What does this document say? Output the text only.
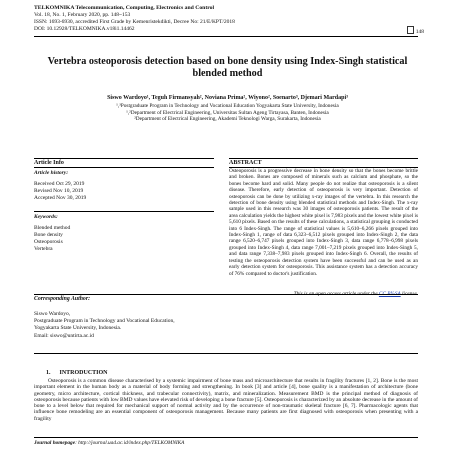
TELKOMNIKA Telecommunication, Computing, Electronics and Control
Vol. 18, No. 1, February 2020, pp. 148~153
ISSN: 1693-6930, accredited First Grade by Kemenristekdikti, Decree No: 21/E/KPT/2018
DOI: 10.12928/TELKOMNIKA.v18i1.14462	148
Vertebra osteoporosis detection based on bone density using Index-Singh statistical blended method
Siswo Wardoyo¹, Teguh Firmansyah², Noviana Prima², Wiyono², Soenarto³, Djemari Mardapi³
¹,³Postgraduate Program in Technology and Vocational Education Yogyakarta State University, Indonesia
¹,²Department of Electrical Engineering, Universitas Sultan Ageng Tirtayasa, Banten, Indonesia
²Department of Electrical Engineering, Akademi Teknologi Warga, Surakarta, Indonesia
Article Info	ABSTRACT
Article history:
Received Oct 29, 2019
Revised Nov 10, 2019
Accepted Nov 30, 2019
Keywords:
Blended method
Bone density
Osteoporosis
Vertebra
Osteoporosis is a progressive decrease in bone density so that the bones become brittle and broken. Bones are composed of minerals such as calcium and phosphate, so the bones become hard and solid. Many people do not realize that osteoporosis is a silent disease. Therefore, early detection of osteoporosis is very important. Detection of osteoporosis can be done by utilizing x-ray images of the vertebra. In this research the detection of bone density using blended statistical methods and Index-Singh. The x-ray sample used in this research was 30 images of osteoporosis patients. The result of the area calculation yields the highest white pixel is 7,983 pixels and the lowest white pixel is 5,610 pixels. Based on the results of these calculations, a statistical grouping is conducted into 6 Index-Singh. The range of statistical values is 5,610–6,266 pixels grouped into Index-Singh 1, range of data 6,323–6,512 pixels grouped into Index-Singh 2, the data range 6,520–6,747 pixels grouped into Index-Singh 3, data range 6,778–6,998 pixels grouped into Index-Singh 4, data range 7,001–7,219 pixels grouped into Index-Singh 5, and data range 7,338–7,983 pixels grouped into Index-Singh 6. Overall, the results of testing the osteoporosis detection system have been successful and can be used as an early detection system for osteoporosis. This assistance system has a detection accuracy of 76% compared to doctor's justification.
This is an open access article under the CC BY-SA license.
Corresponding Author:
Siswo Wardoyo,
Postgraduate Program in Technology and Vocational Education,
Yogyakarta State University, Indonesia.
Email: siswo@untirta.ac.id
1.      INTRODUCTION
Osteoporosis is a common disease characterised by a systemic impairment of bone mass and microarchitecture that results in fragility fractures [1, 2]. Bone is the most important element in the human body as a material of body forming and strengthening. In book [3] and article [4], bone quality is a manifestation of architecture (bone geometry, micro architecture, cortical thickness, and trabecular connectivity), matrix, and mineralization. Measurement BMD is the principal method of diagnosis of osteoporosis because patients with low BMD values have elevated risk of developing a bone fracture [5]. Osteoporosis is characterized by an absolute decrease in the amount of bone to a level below that required for mechanical support of normal activity and by the occurrence of non-traumatic skeletal fracture [6, 7]. Pharmacologic agents that influence bone remodeling are an essential component of osteoporosis management. Because many patients are first diagnosed with osteoporosis when presenting with a fragility
Journal homepage: http://journal.uad.ac.id/index.php/TELKOMNIKA
